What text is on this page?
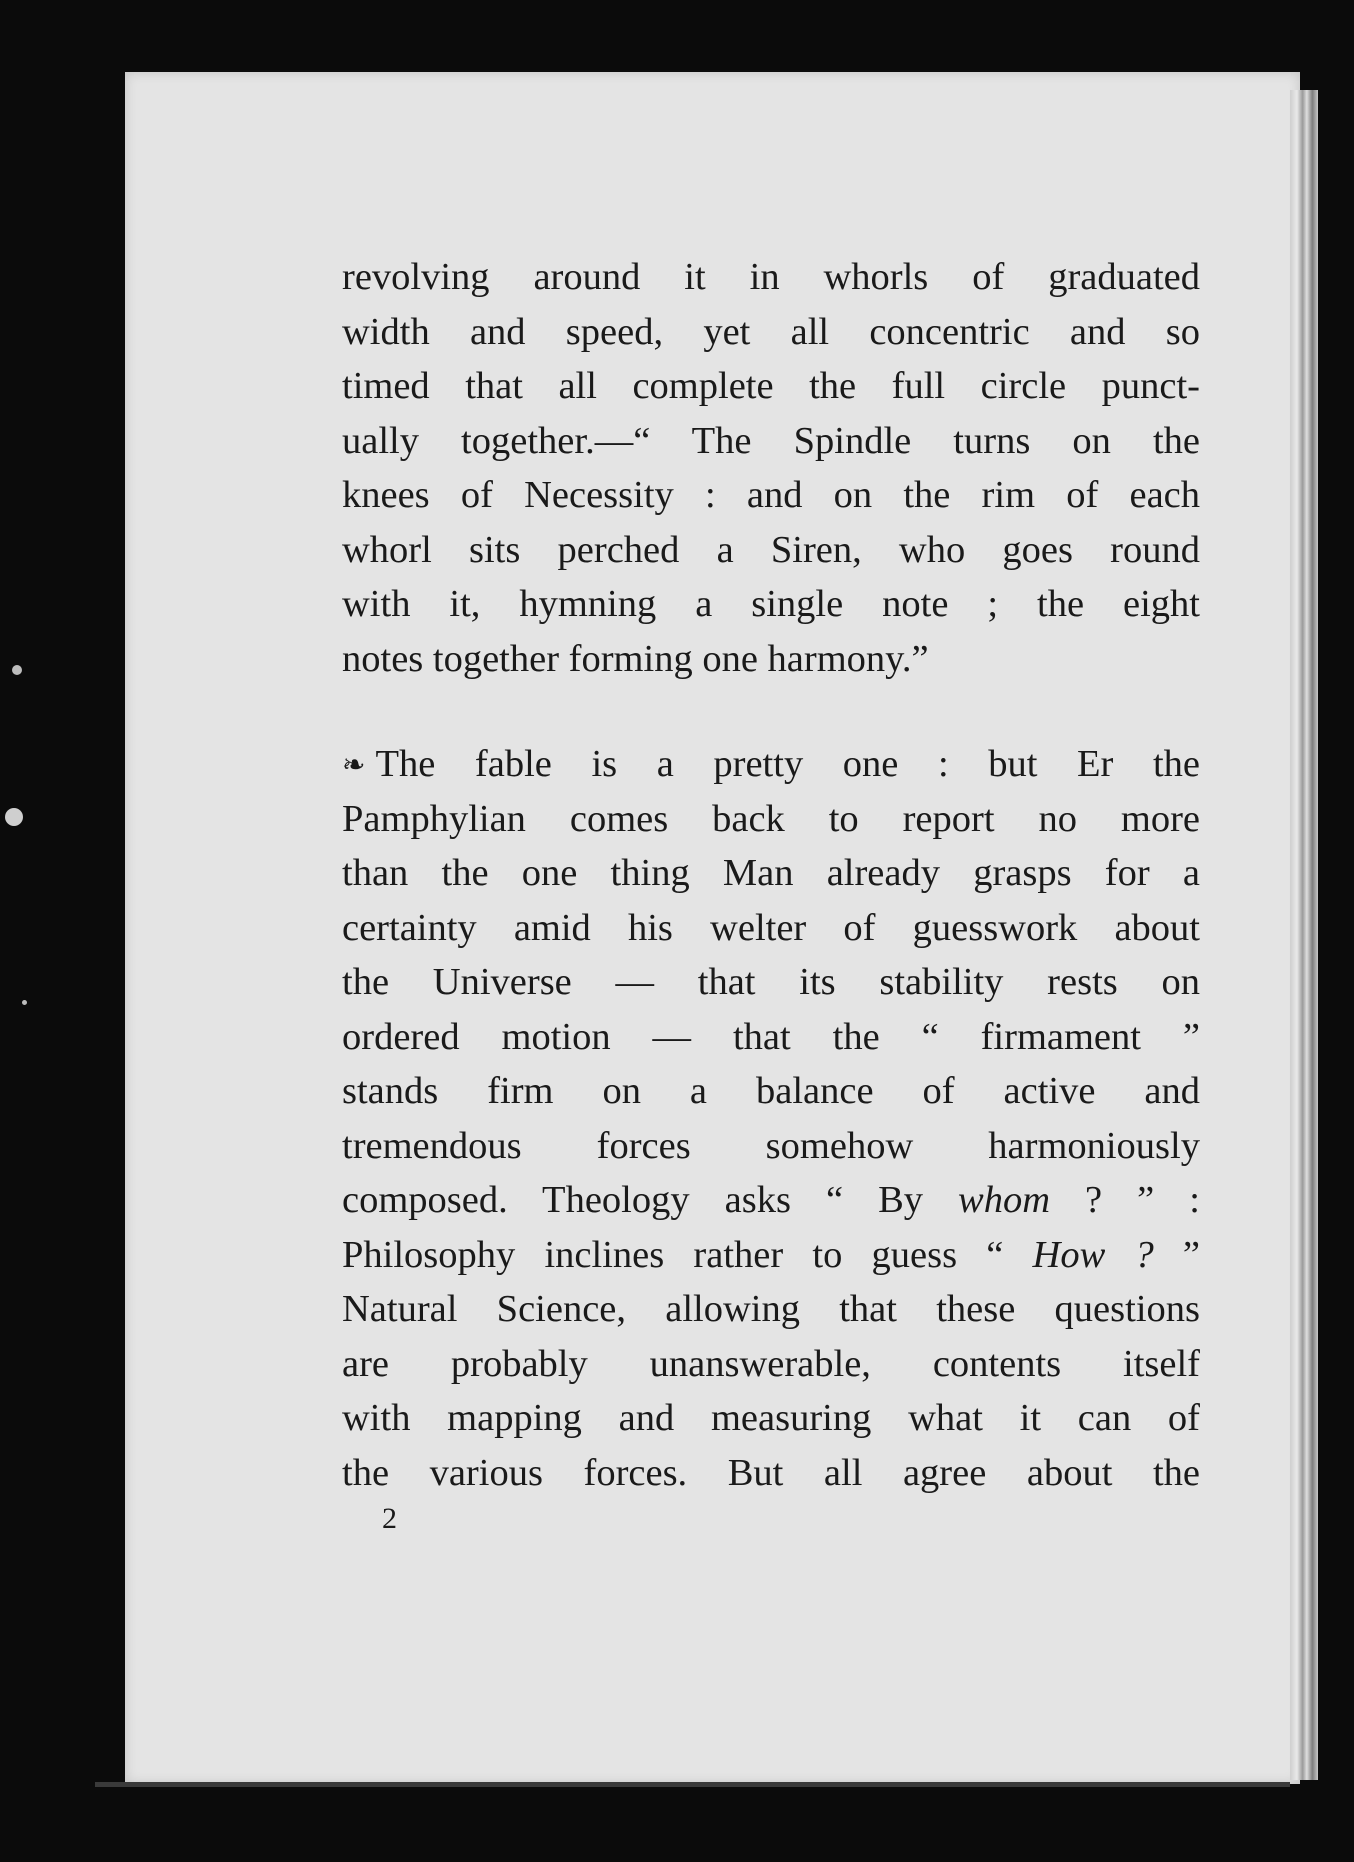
revolving around it in whorls of graduated
width and speed, yet all concentric and so
timed that all complete the full circle punct-
ually together.—“ The Spindle turns on the
knees of Necessity : and on the rim of each
whorl sits perched a Siren, who goes round
with it, hymning a single note ; the eight
notes together forming one harmony.”
❧ The fable is a pretty one : but Er the
Pamphylian comes back to report no more
than the one thing Man already grasps for a
certainty amid his welter of guesswork about
the Universe — that its stability rests on
ordered motion — that the “ firmament ”
stands firm on a balance of active and
tremendous forces somehow harmoniously
composed. Theology asks “ By whom ? ” :
Philosophy inclines rather to guess “ How ? ”
Natural Science, allowing that these questions
are probably unanswerable, contents itself
with mapping and measuring what it can of
the various forces. But all agree about the
2
